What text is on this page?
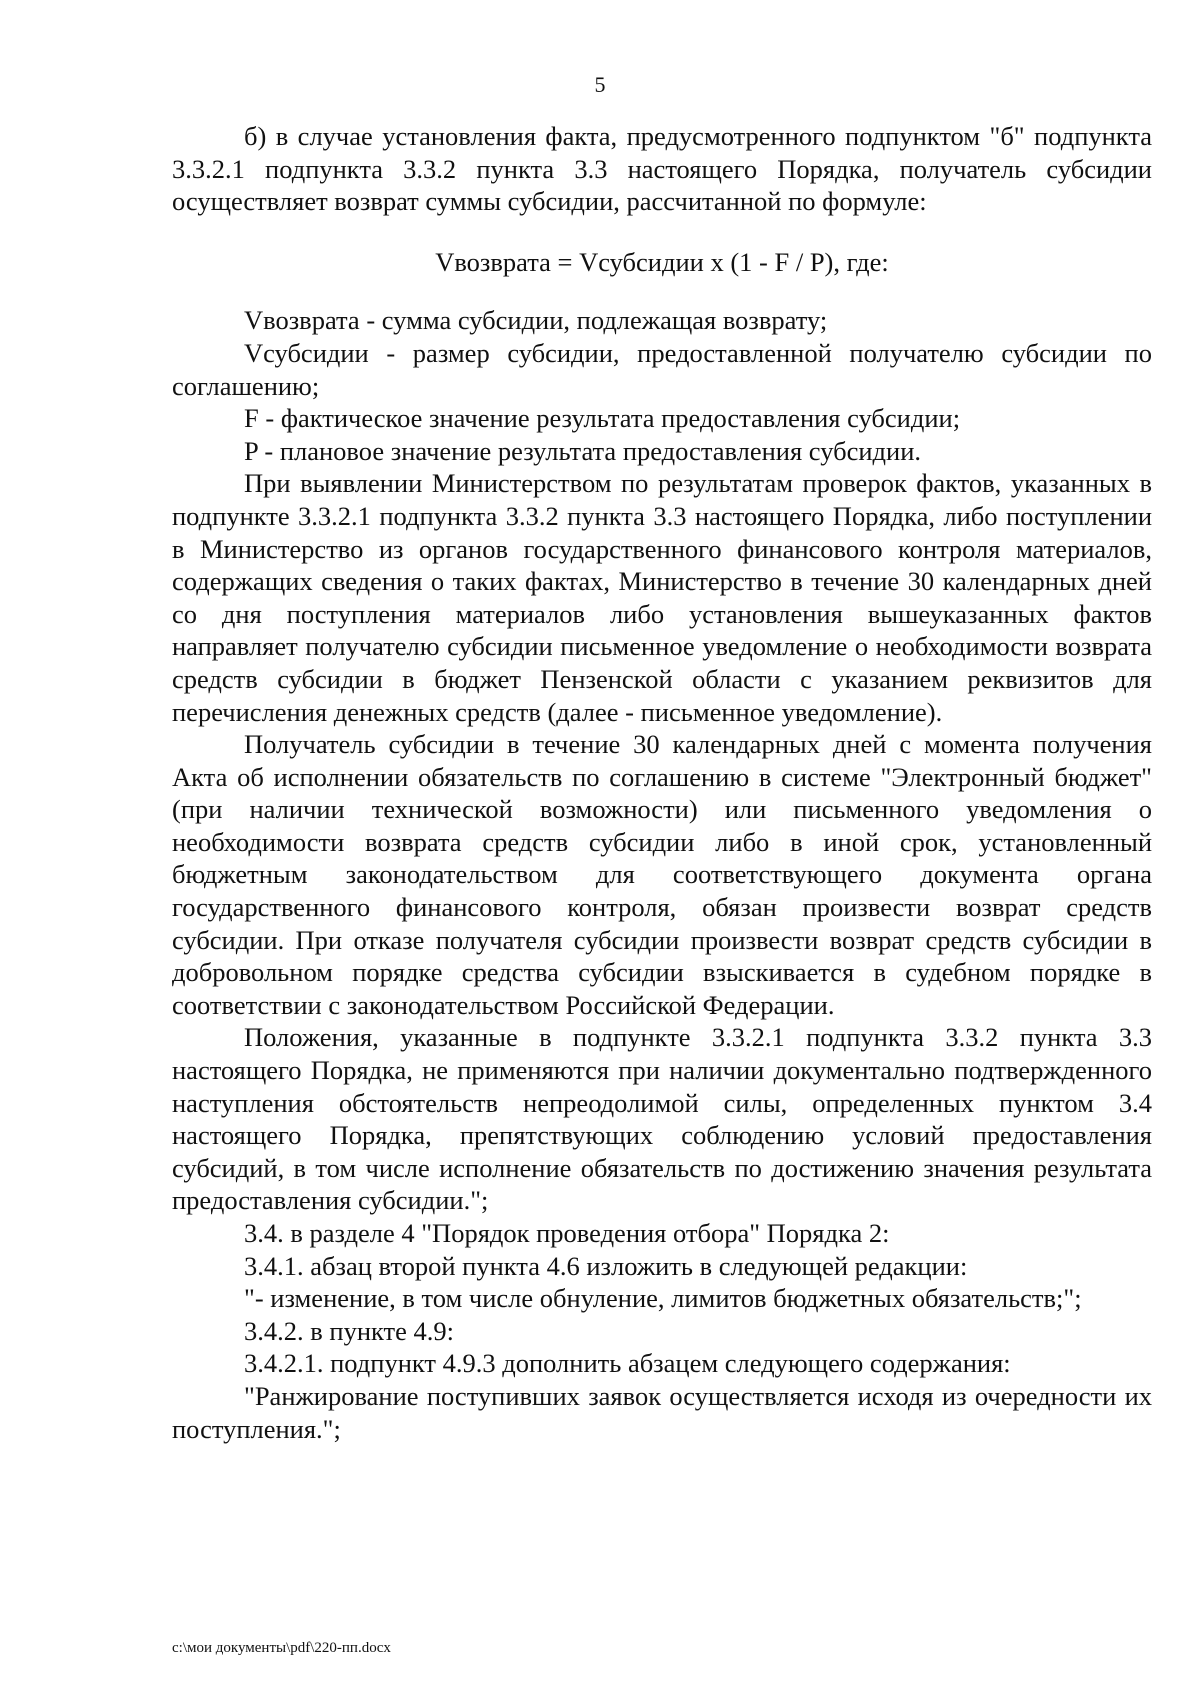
5

б) в случае установления факта, предусмотренного подпунктом "б" подпункта 3.3.2.1 подпункта 3.3.2 пункта 3.3 настоящего Порядка, получатель субсидии осуществляет возврат суммы субсидии, рассчитанной по формуле:

Vвозврата = Vсубсидии x (1 - F / P), где:

Vвозврата - сумма субсидии, подлежащая возврату;

Vсубсидии - размер субсидии, предоставленной получателю субсидии по соглашению;

F - фактическое значение результата предоставления субсидии;

P - плановое значение результата предоставления субсидии.

При выявлении Министерством по результатам проверок фактов, указанных в подпункте 3.3.2.1 подпункта 3.3.2 пункта 3.3 настоящего Порядка, либо поступлении в Министерство из органов государственного финансового контроля материалов, содержащих сведения о таких фактах, Министерство в течение 30 календарных дней со дня поступления материалов либо установления вышеуказанных фактов направляет получателю субсидии письменное уведомление о необходимости возврата средств субсидии в бюджет Пензенской области с указанием реквизитов для перечисления денежных средств (далее - письменное уведомление).

Получатель субсидии в течение 30 календарных дней с момента получения Акта об исполнении обязательств по соглашению в системе "Электронный бюджет" (при наличии технической возможности) или письменного уведомления о необходимости возврата средств субсидии либо в иной срок, установленный бюджетным законодательством для соответствующего документа органа государственного финансового контроля, обязан произвести возврат средств субсидии. При отказе получателя субсидии произвести возврат средств субсидии в добровольном порядке средства субсидии взыскивается в судебном порядке в соответствии с законодательством Российской Федерации.

Положения, указанные в подпункте 3.3.2.1 подпункта 3.3.2 пункта 3.3 настоящего Порядка, не применяются при наличии документально подтвержденного наступления обстоятельств непреодолимой силы, определенных пунктом 3.4 настоящего Порядка, препятствующих соблюдению условий предоставления субсидий, в том числе исполнение обязательств по достижению значения результата предоставления субсидии.";

3.4. в разделе 4 "Порядок проведения отбора" Порядка 2:

3.4.1. абзац второй пункта 4.6 изложить в следующей редакции:

"- изменение, в том числе обнуление, лимитов бюджетных обязательств;";

3.4.2. в пункте 4.9:

3.4.2.1. подпункт 4.9.3 дополнить абзацем следующего содержания:

"Ранжирование поступивших заявок осуществляется исходя из очередности их поступления.";

c:\мои документы\pdf\220-пп.docx
